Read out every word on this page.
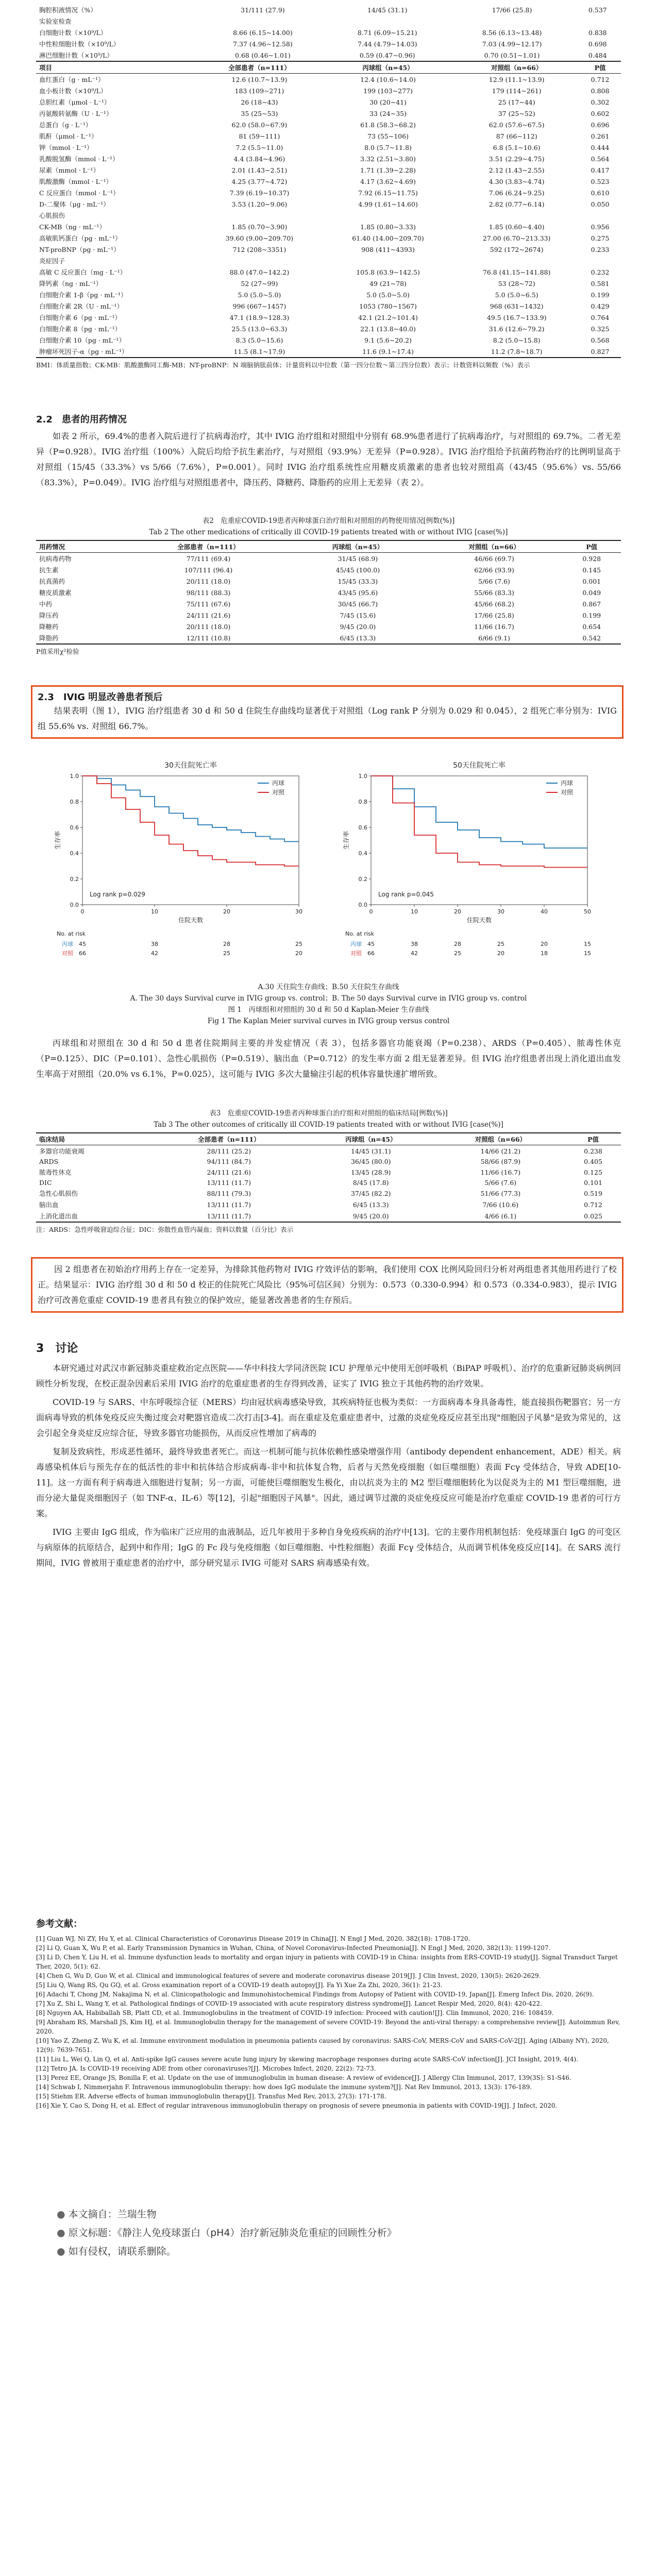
胸腔积液情况（%）	31/111 (27.9)	14/45 (31.1)	17/66 (25.8)	0.537
实验室检查				
白细胞计数（×10⁹/L）	8.66 (6.15~14.00)	8.71 (6.09~15.21)	8.56 (6.13~13.48)	0.838
中性粒细胞计数（×10⁹/L）	7.37 (4.96~12.58)	7.44 (4.79~14.03)	7.03 (4.99~12.17)	0.698
淋巴细胞计数（×10⁹/L）	0.68 (0.46~1.01)	0.59 (0.47~0.96)	0.70 (0.51~1.01)	0.484
项目	全部患者（n=111）	丙球组（n=45）	对照组（n=66）	P值
血红蛋白（g · mL⁻¹）	12.6 (10.7~13.9)	12.4 (10.6~14.0)	12.9 (11.1~13.9)	0.712
血小板计数（×10⁹/L）	183 (109~271)	199 (103~277)	179 (114~261)	0.808
总胆红素（μmol · L⁻¹）	26 (18~43)	30 (20~41)	25 (17~44)	0.302
丙氨酸转氨酶（U · L⁻¹）	35 (25~53)	33 (24~35)	37 (25~52)	0.602
总蛋白（g · L⁻¹）	62.0 (58.0~67.9)	61.8 (58.3~68.2)	62.0 (57.6~67.5)	0.696
肌酐（μmol · L⁻¹）	81 (59~111)	73 (55~106)	87 (66~112)	0.261
钾（mmol · L⁻¹）	7.2 (5.5~11.0)	8.0 (5.7~11.8)	6.8 (5.1~10.6)	0.444
乳酸脱氢酶（mmol · L⁻¹）	4.4 (3.84~4.96)	3.32 (2.51~3.80)	3.51 (2.29~4.75)	0.564
尿素（mmol · L⁻¹）	2.01 (1.43~2.51)	1.71 (1.39~2.28)	2.12 (1.43~2.55)	0.417
肌酸激酶（mmol · L⁻¹）	4.25 (3.77~4.72)	4.17 (3.62~4.69)	4.30 (3.83~4.74)	0.523
C 反应蛋白（mmol · L⁻¹）	7.39 (6.19~10.37)	7.92 (6.15~11.75)	7.06 (6.24~9.25)	0.610
D-二聚体（μg · mL⁻¹）	3.53 (1.20~9.06)	4.99 (1.61~14.60)	2.82 (0.77~6.14)	0.050
心肌损伤				
CK-MB（ng · mL⁻¹）	1.85 (0.70~3.90)	1.85 (0.80~3.33)	1.85 (0.60~4.40)	0.956
高敏肌钙蛋白（pg · mL⁻¹）	39.60 (9.00~209.70)	61.40 (14.00~209.70)	27.00 (6.70~213.33)	0.275
NT-proBNP（pg · mL⁻¹）	712 (208~3351)	908 (411~4393)	592 (172~2674)	0.233
炎症因子				
高敏 C 反应蛋白（mg · L⁻¹）	88.0 (47.0~142.2)	105.8 (63.9~142.5)	76.8 (41.15~141.88)	0.232
降钙素（ng · mL⁻¹）	52 (27~99)	49 (21~78)	53 (28~72)	0.581
白细胞介素 1-β（pg · mL⁻¹）	5.0 (5.0~5.0)	5.0 (5.0~5.0)	5.0 (5.0~6.5)	0.199
白细胞介素 2R（U · mL⁻¹）	996 (667~1457)	1053 (780~1567)	968 (631~1432)	0.429
白细胞介素 6（pg · mL⁻¹）	47.1 (18.9~128.3)	42.1 (21.2~101.4)	49.5 (16.7~133.9)	0.764
白细胞介素 8（pg · mL⁻¹）	25.5 (13.0~63.3)	22.1 (13.8~40.0)	31.6 (12.6~79.2)	0.325
白细胞介素 10（pg · mL⁻¹）	8.3 (5.0~15.6)	9.1 (5.6~20.2)	8.2 (5.0~15.8)	0.568
肿瘤坏死因子-α（pg · mL⁻¹）	11.5 (8.1~17.9)	11.6 (9.1~17.4)	11.2 (7.8~18.7)	0.827
BMI：体质量指数；CK-MB：肌酸激酶同工酶-MB；NT-proBNP：N 端脑钠肽前体；计量资料以中位数（第一四分位数～第三四分位数）表示；计数资料以频数（%）表示
2.2　患者的用药情况

如表 2 所示，69.4%的患者入院后进行了抗病毒治疗，其中 IVIG 治疗组和对照组中分别有 68.9%患者进行了抗病毒治疗，与对照组的 69.7%。二者无差异（P=0.928）。IVIG 治疗组（100%）入院后均给予抗生素治疗，与对照组（93.9%）无差异（P=0.928）。IVIG 治疗组给予抗菌药物治疗的比例明显高于对照组（15/45（33.3%）vs 5/66（7.6%），P=0.001）。同时 IVIG 治疗组系统性应用糖皮质激素的患者也较对照组高（43/45（95.6%）vs. 55/66（83.3%），P=0.049）。IVIG 治疗组与对照组患者中，降压药、降糖药、降脂药的应用上无差异（表 2）。

表2　危重症COVID-19患者丙种球蛋白治疗组和对照组的药物使用情况[例数(%)]
Tab 2 The other medications of critically ill COVID-19 patients treated with or without IVIG [case(%)]
用药情况	全部患者（n=111）	丙球组（n=45）	对照组（n=66）	P值
抗病毒药物	77/111 (69.4)	31/45 (68.9)	46/66 (69.7)	0.928
抗生素	107/111 (96.4)	45/45 (100.0)	62/66 (93.9)	0.145
抗真菌药	20/111 (18.0)	15/45 (33.3)	5/66 (7.6)	0.001
糖皮质激素	98/111 (88.3)	43/45 (95.6)	55/66 (83.3)	0.049
中药	75/111 (67.6)	30/45 (66.7)	45/66 (68.2)	0.867
降压药	24/111 (21.6)	7/45 (15.6)	17/66 (25.8)	0.199
降糖药	20/111 (18.0)	9/45 (20.0)	11/66 (16.7)	0.654
降脂药	12/111 (10.8)	6/45 (13.3)	6/66 (9.1)	0.542
P值采用χ²检验
2.3　IVIG 明显改善患者预后

结果表明（图 1），IVIG 治疗组患者 30 d 和 50 d 住院生存曲线均显著优于对照组（Log rank P 分别为 0.029 和 0.045），2 组死亡率分别为：IVIG 组 55.6% vs. 对照组 66.7%。

30天住院死亡率
0.0
0.2
0.4
0.6
0.8
1.0
0	10	20	30
住院天数
生存率
丙球
对照
Log rank p=0.029
No. at risk
丙球 45	38	28	25
对照 66	42	25	20
50天住院死亡率
0.0
0.2
0.4
0.6
0.8
1.0
0	10	20	30	40	50
住院天数
生存率
丙球
对照
Log rank p=0.045
No. at risk
丙球 45	38	28	25	20	15
对照 66	42	25	20	18	15
A.30 天住院生存曲线；B.50 天住院生存曲线
A. The 30 days Survival curve in IVIG group vs. control；B. The 50 days Survival curve in IVIG group vs. control
图 1　丙球组和对照组的 30 d 和 50 d Kaplan-Meier 生存曲线
Fig 1 The Kaplan Meier survival curves in IVIG group versus control

丙球组和对照组在 30 d 和 50 d 患者住院期间主要的并发症情况（表 3），包括多器官功能衰竭（P=0.238）、ARDS（P=0.405）、脓毒性休克（P=0.125）、DIC（P=0.101）、急性心肌损伤（P=0.519）、脑出血（P=0.712）的发生率方面 2 组无显著差异。但 IVIG 治疗组患者出现上消化道出血发生率高于对照组（20.0% vs 6.1%，P=0.025），这可能与 IVIG 多次大量输注引起的机体容量快速扩增所致。

表3　危重症COVID-19患者丙种球蛋白治疗组和对照组的临床结局[例数(%)]
Tab 3 The other outcomes of critically ill COVID-19 patients treated with or without IVIG [case(%)]
临床结局	全部患者（n=111）	丙球组（n=45）	对照组（n=66）	P值
多器官功能衰竭	28/111 (25.2)	14/45 (31.1)	14/66 (21.2)	0.238
ARDS	94/111 (84.7)	36/45 (80.0)	58/66 (87.9)	0.405
脓毒性休克	24/111 (21.6)	13/45 (28.9)	11/66 (16.7)	0.125
DIC	13/111 (11.7)	8/45 (17.8)	5/66 (7.6)	0.101
急性心肌损伤	88/111 (79.3)	37/45 (82.2)	51/66 (77.3)	0.519
脑出血	13/111 (11.7)	6/45 (13.3)	7/66 (10.6)	0.712
上消化道出血	13/111 (11.7)	9/45 (20.0)	4/66 (6.1)	0.025
注：ARDS：急性呼吸窘迫综合征；DIC：弥散性血管内凝血；资料以数量（百分比）表示

因 2 组患者在初始治疗用药上存在一定差异，为排除其他药物对 IVIG 疗效评估的影响，我们使用 COX 比例风险回归分析对两组患者其他用药进行了校正。结果显示：IVIG 治疗组 30 d 和 50 d 校正的住院死亡风险比（95%可信区间）分别为：0.573（0.330-0.994）和 0.573（0.334-0.983），提示 IVIG 治疗可改善危重症 COVID-19 患者具有独立的保护效应，能显著改善患者的生存预后。

3　讨论

本研究通过对武汉市新冠肺炎重症救治定点医院——华中科技大学同济医院 ICU 护理单元中使用无创呼吸机（BiPAP 呼吸机）、治疗的危重新冠肺炎病例回顾性分析发现，在校正混杂因素后采用 IVIG 治疗的危重症患者的生存得到改善，证实了 IVIG 独立于其他药物的治疗效果。

COVID-19 与 SARS、中东呼吸综合征（MERS）均由冠状病毒感染导致，其疾病特征也极为类似：一方面病毒本身具备毒性，能直接损伤靶器官；另一方面病毒导致的机体免疫反应失衡过度会对靶器官造成二次打击[3-4]。而在重症及危重症患者中，过激的炎症免疫反应甚至出现"细胞因子风暴"是致为常见的，这会引起全身炎症反应综合征，导致多器官功能损伤，从而反应性增加了病毒的

复制及致病性，形成恶性循环，最终导致患者死亡。而这一机制可能与抗体依赖性感染增强作用（antibody dependent enhancement，ADE）相关。病毒感染机体后与预先存在的低活性的非中和抗体结合形成病毒-非中和抗体复合物，后者与天然免疫细胞（如巨噬细胞）表面 Fcγ 受体结合，导致 ADE[10-11]。这一方面有利于病毒进入细胞进行复制；另一方面，可能使巨噬细胞发生极化，由以抗炎为主的 M2 型巨噬细胞转化为以促炎为主的 M1 型巨噬细胞，进而分泌大量促炎细胞因子（如 TNF-α、IL-6）等[12]，引起"细胞因子风暴"。因此，通过调节过激的炎症免疫反应可能是治疗危重症 COVID-19 患者的可行方案。

IVIG 主要由 IgG 组成，作为临床广泛应用的血液制品，近几年被用于多种自身免疫疾病的治疗中[13]。它的主要作用机制包括：免疫球蛋白 IgG 的可变区与病原体的抗原结合，起到中和作用；IgG 的 Fc 段与免疫细胞（如巨噬细胞、中性粒细胞）表面 Fcγ 受体结合，从而调节机体免疫反应[14]。在 SARS 流行期间，IVIG 曾被用于重症患者的治疗中，部分研究显示 IVIG 可能对 SARS 病毒感染有效。

参考文献：

[1] Guan WJ, Ni ZY, Hu Y, et al. Clinical Characteristics of Coronavirus Disease 2019 in China[J]. N Engl J Med, 2020, 382(18): 1708-1720.

[2] Li Q, Guan X, Wu P, et al. Early Transmission Dynamics in Wuhan, China, of Novel Coronavirus-Infected Pneumonia[J]. N Engl J Med, 2020, 382(13): 1199-1207.

[3] Li D, Chen Y, Liu H, et al. Immune dysfunction leads to mortality and organ injury in patients with COVID-19 in China: insights from ERS-COVID-19 study[J]. Signal Transduct Target Ther, 2020, 5(1): 62.

[4] Chen G, Wu D, Guo W, et al. Clinical and immunological features of severe and moderate coronavirus disease 2019[J]. J Clin Invest, 2020, 130(5): 2620-2629.

[5] Liu Q, Wang RS, Qu GQ, et al. Gross examination report of a COVID-19 death autopsy[J]. Fa Yi Xue Za Zhi, 2020, 36(1): 21-23.

[6] Adachi T, Chong JM, Nakajima N, et al. Clinicopathologic and Immunohistochemical Findings from Autopsy of Patient with COVID-19, Japan[J]. Emerg Infect Dis, 2020, 26(9).

[7] Xu Z, Shi L, Wang Y, et al. Pathological findings of COVID-19 associated with acute respiratory distress syndrome[J]. Lancet Respir Med, 2020, 8(4): 420-422.

[8] Nguyen AA, Habiballah SB, Platt CD, et al. Immunoglobulins in the treatment of COVID-19 infection: Proceed with caution![J]. Clin Immunol, 2020, 216: 108459.

[9] Abraham RS, Marshall JS, Kim HJ, et al. Immunoglobulin therapy for the management of severe COVID-19: Beyond the anti-viral therapy: a comprehensive review[J]. Autoimmun Rev, 2020.

[10] Yao Z, Zheng Z, Wu K, et al. Immune environment modulation in pneumonia patients caused by coronavirus: SARS-CoV, MERS-CoV and SARS-CoV-2[J]. Aging (Albany NY), 2020, 12(9): 7639-7651.

[11] Liu L, Wei Q, Lin Q, et al. Anti-spike IgG causes severe acute lung injury by skewing macrophage responses during acute SARS-CoV infection[J]. JCI Insight, 2019, 4(4).

[12] Tetro JA. Is COVID-19 receiving ADE from other coronaviruses?[J]. Microbes Infect, 2020, 22(2): 72-73.

[13] Perez EE, Orange JS, Bonilla F, et al. Update on the use of immunoglobulin in human disease: A review of evidence[J]. J Allergy Clin Immunol, 2017, 139(3S): S1-S46.

[14] Schwab I, Nimmerjahn F. Intravenous immunoglobulin therapy: how does IgG modulate the immune system?[J]. Nat Rev Immunol, 2013, 13(3): 176-189.

[15] Stiehm ER. Adverse effects of human immunoglobulin therapy[J]. Transfus Med Rev, 2013, 27(3): 171-178.

[16] Xie Y, Cao S, Dong H, et al. Effect of regular intravenous immunoglobulin therapy on prognosis of severe pneumonia in patients with COVID-19[J]. J Infect, 2020.

● 本文摘自：兰瑞生物
● 原文标题：《静注人免疫球蛋白（pH4）治疗新冠肺炎危重症的回顾性分析》
● 如有侵权，请联系删除。
